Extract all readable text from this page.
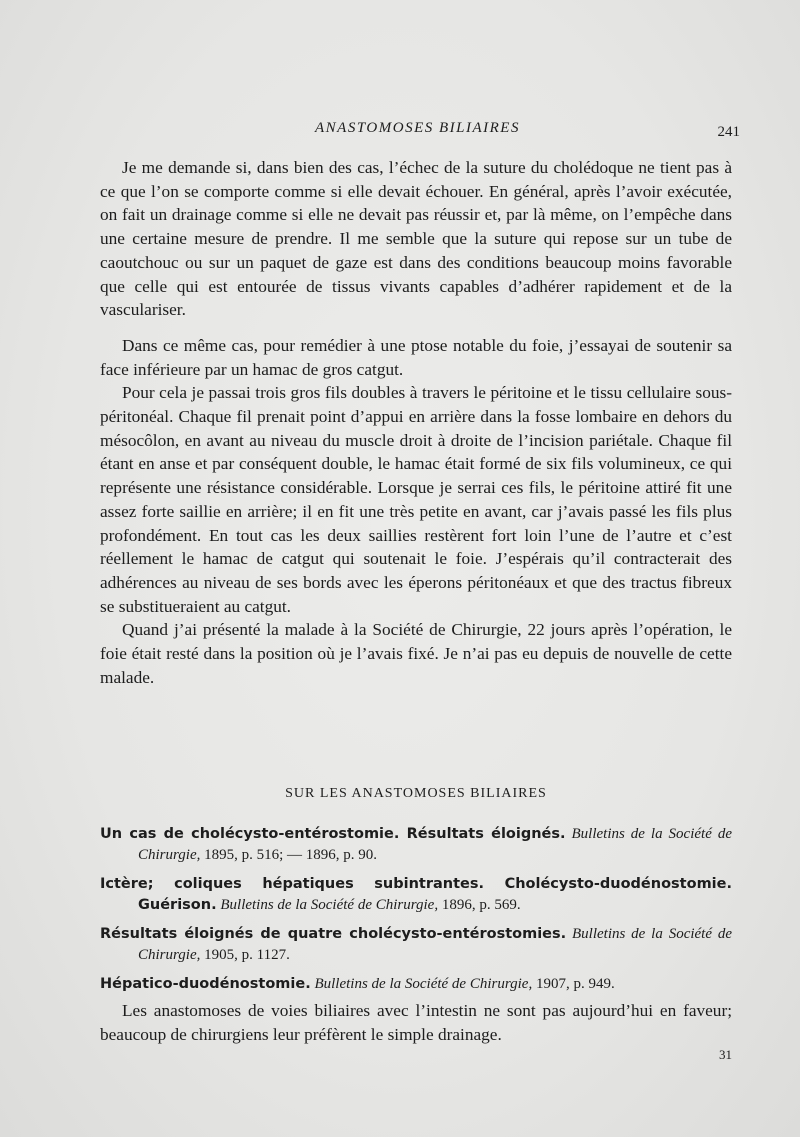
ANASTOMOSES BILIAIRES	241

Je me demande si, dans bien des cas, l’échec de la suture du cholédoque ne tient pas à ce que l’on se comporte comme si elle devait échouer. En général, après l’avoir exécutée, on fait un drainage comme si elle ne devait pas réussir et, par là même, on l’empêche dans une certaine mesure de prendre. Il me semble que la suture qui repose sur un tube de caoutchouc ou sur un paquet de gaze est dans des conditions beaucoup moins favorable que celle qui est entourée de tissus vivants capables d’adhérer rapidement et de la vasculariser.

Dans ce même cas, pour remédier à une ptose notable du foie, j’essayai de soutenir sa face inférieure par un hamac de gros catgut.

Pour cela je passai trois gros fils doubles à travers le péritoine et le tissu cellulaire sous-péritonéal. Chaque fil prenait point d’appui en arrière dans la fosse lombaire en dehors du mésocôlon, en avant au niveau du muscle droit à droite de l’incision pariétale. Chaque fil étant en anse et par conséquent double, le hamac était formé de six fils volumineux, ce qui représente une résistance considérable. Lorsque je serrai ces fils, le péritoine attiré fit une assez forte saillie en arrière; il en fit une très petite en avant, car j’avais passé les fils plus profondément. En tout cas les deux saillies restèrent fort loin l’une de l’autre et c’est réellement le hamac de catgut qui soutenait le foie. J’espérais qu’il contracterait des adhérences au niveau de ses bords avec les éperons péritonéaux et que des tractus fibreux se substitueraient au catgut.

Quand j’ai présenté la malade à la Société de Chirurgie, 22 jours après l’opération, le foie était resté dans la position où je l’avais fixé. Je n’ai pas eu depuis de nouvelle de cette malade.

SUR LES ANASTOMOSES BILIAIRES

Un cas de cholécysto-entérostomie. Résultats éloignés. Bulletins de la Société de Chirurgie, 1895, p. 516; — 1896, p. 90.

Ictère; coliques hépatiques subintrantes. Cholécysto-duodénostomie. Guérison. Bulletins de la Société de Chirurgie, 1896, p. 569.

Résultats éloignés de quatre cholécysto-entérostomies. Bulletins de la Société de Chirurgie, 1905, p. 1127.

Hépatico-duodénostomie. Bulletins de la Société de Chirurgie, 1907, p. 949.

Les anastomoses de voies biliaires avec l’intestin ne sont pas aujourd’hui en faveur; beaucoup de chirurgiens leur préfèrent le simple drainage.

31
